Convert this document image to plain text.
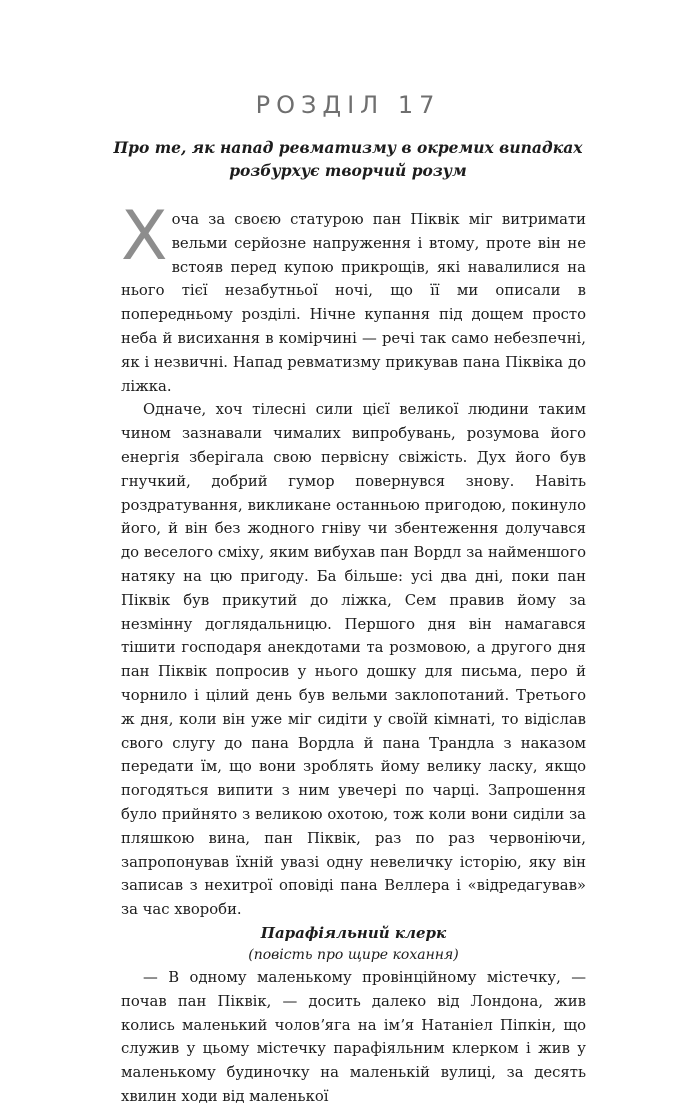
РОЗДІЛ 17

Про те, як напад ревматизму в окремих випадках розбурхує творчий розум

Хоча за своєю статурою пан Піквік міг витримати вельми серйозне напруження і втому, проте він не встояв перед купою прикрощів, які навалилися на нього тієї незабутньої ночі, що її ми описали в попередньому розділі. Нічне купання під дощем просто неба й висихання в комірчині — речі так само небезпечні, як і незвичні. Напад ревматизму прикував пана Піквіка до ліжка.

Одначе, хоч тілесні сили цієї великої людини таким чином зазнавали чималих випробувань, розумова його енергія зберігала свою первісну свіжість. Дух його був гнучкий, добрий гумор повернувся знову. Навіть роздратування, викликане останньою пригодою, покинуло його, й він без жодного гніву чи збентеження долучався до веселого сміху, яким вибухав пан Вордл за найменшого натяку на цю пригоду. Ба більше: усі два дні, поки пан Піквік був прикутий до ліжка, Сем правив йому за незмінну доглядальницю. Першого дня він намагався тішити господаря анекдотами та розмовою, а другого дня пан Піквік попросив у нього дошку для письма, перо й чорнило і цілий день був вельми заклопотаний. Третього ж дня, коли він уже міг сидіти у своїй кімнаті, то відіслав свого слугу до пана Вордла й пана Трандла з наказом передати їм, що вони зроблять йому велику ласку, якщо погодяться випити з ним увечері по чарці. Запрошення було прийнято з великою охотою, тож коли вони сиділи за пляшкою вина, пан Піквік, раз по раз червоніючи, запропонував їхній увазі одну невеличку історію, яку він записав з нехитрої оповіді пана Веллера і «відредагував» за час хвороби.

Парафіяльний клерк

(повість про щире кохання)

— В одному маленькому провінційному містечку, — почав пан Піквік, — досить далеко від Лондона, жив колись маленький чоловʼяга на імʼя Натаніел Піпкін, що служив у цьому містечку парафіяльним клерком і жив у маленькому будиночку на маленькій вулиці, за десять хвилин ходи від маленької
